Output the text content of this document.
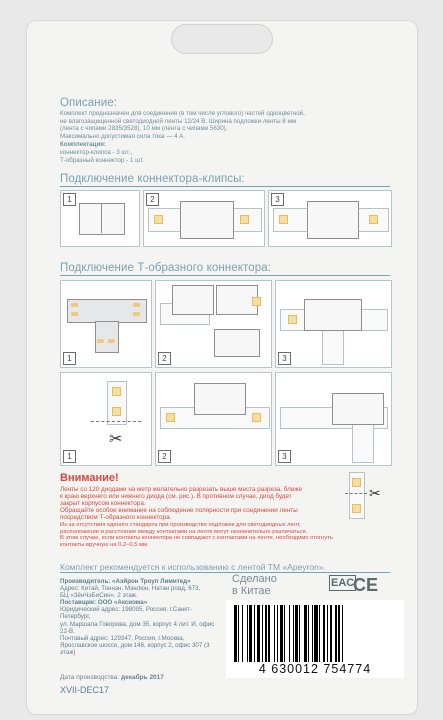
Описание:
Комплект предназначен для соединения (в том числе углового) частей одноцветной,
не влагозащищенной светодиодной ленты 12/24 В. Ширина подложки ленты 8 мм
(лента с чипами 2835/3528), 10 мм (лента с чипами 5630).
Максимально допустимая сила тока — 4 А.
Комплектация:
коннектор-клипса - 3 шт.,
Т-образный коннектор - 1 шт.
Подключение коннектора-клипсы:
1	2	3
Подключение Т-образного коннектора:
1	2	3
1
✂
2	3
Внимание!
Ленты со 120 диодами на метр желательно разрезать выше места разреза, ближе
к краю верхнего или нижнего диода (см. рис.). В противном случае, диод будет
закрыт корпусом коннектора.
Обращайте особое внимание на соблюдение полярности при соединении ленты
посредством Т-образного коннектора.
Из-за отсутствия единого стандарта при производстве подложек для светодиодных лент,
расположение и расстояние между контактами на ленте могут незначительно различаться.
В этом случае, если контакты коннектора не совпадают с контактами на ленте, необходимо отогнуть
контакты вручную на 0,2–0,5 мм.
✂
Комплект рекомендуется к использованию с лентой ТМ «Apeyron».
Производитель: «Аэйрон Троуп Лимитед»
Адрес: Китай, Тоннэн, Мэнлюн, Натан роад, 673,
БЦ «ЗёнЧэБиСин», 2 этаж.
Поставщик: ООО «Аксиома»
Юридический адрес: 198095, Россия, г.Санкт-Петербург,
ул. Маршала Говорова, дом 35, корпус 4 лит. И, офис 22-В.
Почтовый адрес: 129347, Россия, г.Москва,
Ярославское шоссе, дом 146, корпус 2, офис 307 (3 этаж)
Сделано
в Китае
EAC
CE
Дата производства: декабрь 2017
XVII-DEC17
4 630012 754774
